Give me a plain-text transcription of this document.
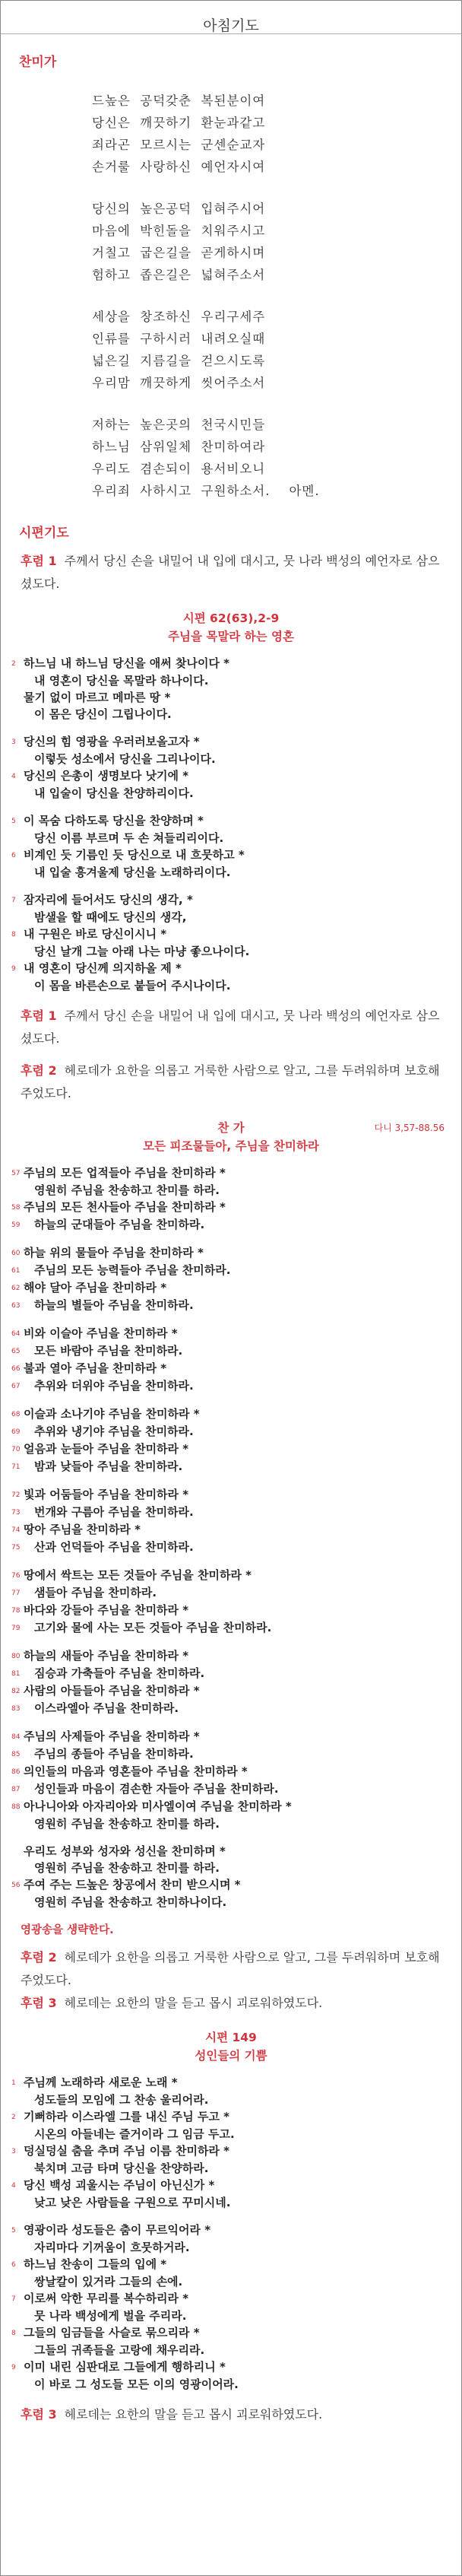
아침기도
찬미가
드높은  공덕갖춘  복된분이여
당신은  깨끗하기  환눈과같고
죄라곤  모르시는  군센순교자
손거룰  사랑하신  예언자시여
당신의  높은공덕  입혀주시어
마음에  박힌돌을  치워주시고
거칠고  굽은길을  곧게하시며
험하고  좁은길은  넓혀주소서
세상을  창조하신  우리구세주
인류를  구하시러  내려오실때
넓은길  지름길을  걷으시도록
우리맘  깨끗하게  씻어주소서
저하는  높은곳의  천국시민들
하느님  삼위일체  찬미하여라
우리도  겸손되이  용서비오니
우리죄  사하시고  구원하소서.    아멘.
시편기도
후렴 1 주께서 당신 손을 내밀어 내 입에 대시고, 뭇 나라 백성의 예언자로 삼으셨도다.
시편 62(63),2-9
주님을 목말라 하는 영혼
2 하느님 내 하느님 당신을 애써 찾나이다 *
내 영혼이 당신을 목말라 하나이다.
물기 없이 마르고 메마른 땅 *
이 몸은 당신이 그립나이다.
3 당신의 힘 영광을 우러러보올고자 *
이렇듯 성소에서 당신을 그리나이다.
4 당신의 은총이 생명보다 낫기에 *
내 입술이 당신을 찬양하리이다.
5 이 목숨 다하도록 당신을 찬양하며 *
당신 이름 부르며 두 손 쳐들리리이다.
6 비계인 듯 기름인 듯 당신으로 내 흐뭇하고 *
내 입술 흥겨울제 당신을 노래하리이다.
7 잠자리에 들어서도 당신의 생각, *
밤샐을 할 때에도 당신의 생각,
8 내 구원은 바로 당신이시니 *
당신 날개 그늘 아래 나는 마냥 좋으나이다.
9 내 영혼이 당신께 의지하올 제 *
이 몸을 바른손으로 붙들어 주시나이다.
후렴 1 주께서 당신 손을 내밀어 내 입에 대시고, 뭇 나라 백성의 예언자로 삼으셨도다.
후렴 2 헤로데가 요한을 의롭고 거룩한 사람으로 알고, 그를 두려워하며 보호해 주었도다.
찬 가	다니 3,57-88.56
모든 피조물들아, 주님을 찬미하라
57 주님의 모든 업적들아 주님을 찬미하라 *
영원히 주님을 찬송하고 찬미를 하라.
58 주님의 모든 천사들아 주님을 찬미하라 *
59	하늘의 군대들아 주님을 찬미하라.
60 하늘 위의 물들아 주님을 찬미하라 *
61	주님의 모든 능력들아 주님을 찬미하라.
62 해야 달아 주님을 찬미하라 *
63	하늘의 별들아 주님을 찬미하라.
64 비와 이슬아 주님을 찬미하라 *
65	모든 바람아 주님을 찬미하라.
66 불과 열아 주님을 찬미하라 *
67	추위와 더위야 주님을 찬미하라.
68 이슬과 소나기야 주님을 찬미하라 *
69	추위와 냉기야 주님을 찬미하라.
70 얼음과 눈들아 주님을 찬미하라 *
71	밤과 낮들아 주님을 찬미하라.
72 빛과 어둠들아 주님을 찬미하라 *
73	번개와 구름아 주님을 찬미하라.
74 땅아 주님을 찬미하라 *
75	산과 언덕들아 주님을 찬미하라.
76 땅에서 싹트는 모든 것들아 주님을 찬미하라 *
77	샘들아 주님을 찬미하라.
78 바다와 강들아 주님을 찬미하라 *
79	고기와 물에 사는 모든 것들아 주님을 찬미하라.
80 하늘의 새들아 주님을 찬미하라 *
81	짐승과 가축들아 주님을 찬미하라.
82 사람의 아들들아 주님을 찬미하라 *
83	이스라엘아 주님을 찬미하라.
84 주님의 사제들아 주님을 찬미하라 *
85	주님의 종들아 주님을 찬미하라.
86 의인들의 마음과 영혼들아 주님을 찬미하라 *
87	성인들과 마음이 겸손한 자들아 주님을 찬미하라.
88 아나니아와 아자리아와 미사엘이여 주님을 찬미하라 *
영원히 주님을 찬송하고 찬미를 하라.
우리도 성부와 성자와 성신을 찬미하며 *
영원히 주님을 찬송하고 찬미를 하라.
56 주여 주는 드높은 창공에서 찬미 받으시며 *
영원히 주님을 찬송하고 찬미하나이다.
영광송을 생략한다.
후렴 2 헤로데가 요한을 의롭고 거룩한 사람으로 알고, 그를 두려워하며 보호해 주었도다.
후렴 3 헤로데는 요한의 말을 듣고 몹시 괴로워하였도다.
시편 149
성인들의 기쁨
1 주님께 노래하라 새로운 노래 *
성도들의 모임에 그 찬송 울리어라.
2 기뻐하라 이스라엘 그를 내신 주님 두고 *
시온의 아들네는 즐거이라 그 임금 두고.
3 덩실덩실 춤을 추며 주님 이름 찬미하라 *
북치며 고금 타며 당신을 찬양하라.
4 당신 백성 괴울시는 주님이 아닌신가 *
낮고 낮은 사람들을 구원으로 꾸미시네.
5 영광이라 성도들은 춤이 무르익어라 *
자리마다 기꺼움이 흐뭇하거라.
6 하느님 찬송이 그들의 입에 *
쌍날칼이 있거라 그들의 손에.
7 이로써 악한 무리를 복수하리라 *
뭇 나라 백성에게 벌을 주리라.
8 그들의 임금들을 사슬로 묶으리라 *
그들의 귀족들을 고랑에 채우리라.
9 이미 내린 심판대로 그들에게 행하리니 *
이 바로 그 성도들 모든 이의 영광이어라.
후렴 3 헤로데는 요한의 말을 듣고 몹시 괴로워하였도다.
